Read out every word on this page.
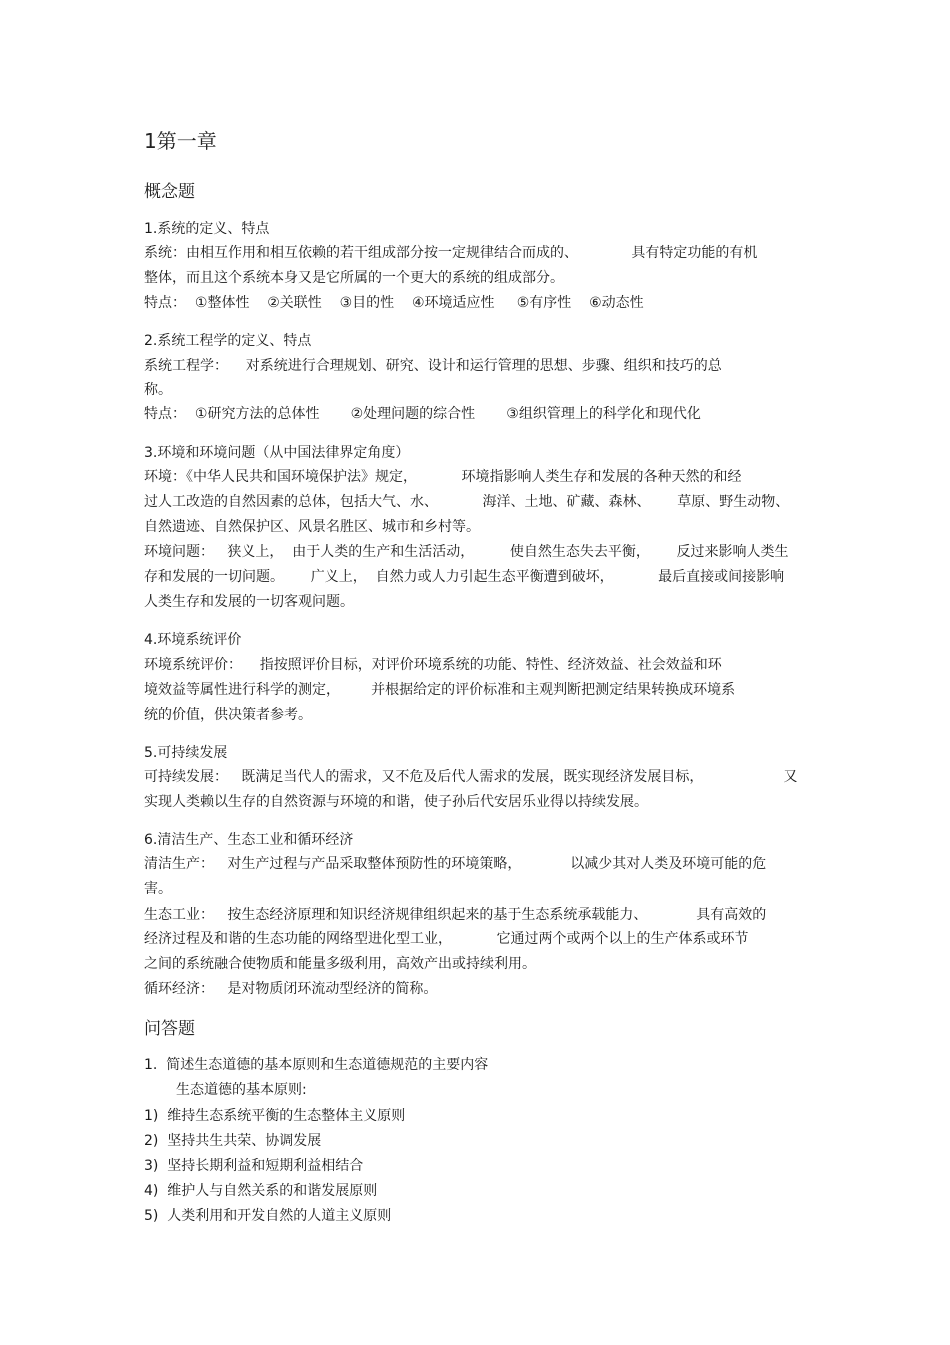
1第一章
概念题
1.系统的定义、特点
系统：由相互作用和相互依赖的若干组成部分按一定规律结合而成的、            具有特定功能的有机
整体，而且这个系统本身又是它所属的一个更大的系统的组成部分。
特点：  ①整体性    ②关联性    ③目的性    ④环境适应性     ⑤有序性    ⑥动态性
2.系统工程学的定义、特点
系统工程学：    对系统进行合理规划、研究、设计和运行管理的思想、步骤、组织和技巧的总
称。
特点：  ①研究方法的总体性       ②处理问题的综合性       ③组织管理上的科学化和现代化
3.环境和环境问题（从中国法律界定角度）
环境：《中华人民共和国环境保护法》规定，          环境指影响人类生存和发展的各种天然的和经
过人工改造的自然因素的总体，包括大气、水、          海洋、土地、矿藏、森林、      草原、野生动物、
自然遗迹、自然保护区、风景名胜区、城市和乡村等。
环境问题：   狭义上，  由于人类的生产和生活活动，        使自然生态失去平衡，      反过来影响人类生
存和发展的一切问题。      广义上，  自然力或人力引起生态平衡遭到破坏，          最后直接或间接影响
人类生存和发展的一切客观问题。
4.环境系统评价
环境系统评价：    指按照评价目标，对评价环境系统的功能、特性、经济效益、社会效益和环
境效益等属性进行科学的测定，       并根据给定的评价标准和主观判断把测定结果转换成环境系
统的价值，供决策者参考。
5.可持续发展
可持续发展：   既满足当代人的需求，又不危及后代人需求的发展，既实现经济发展目标，                  又
实现人类赖以生存的自然资源与环境的和谐，使子孙后代安居乐业得以持续发展。
6.清洁生产、生态工业和循环经济
清洁生产：   对生产过程与产品采取整体预防性的环境策略，           以减少其对人类及环境可能的危
害。
生态工业：   按生态经济原理和知识经济规律组织起来的基于生态系统承载能力、           具有高效的
经济过程及和谐的生态功能的网络型进化型工业，          它通过两个或两个以上的生产体系或环节
之间的系统融合使物质和能量多级利用，高效产出或持续利用。
循环经济：   是对物质闭环流动型经济的简称。
问答题
1.  简述生态道德的基本原则和生态道德规范的主要内容
生态道德的基本原则:
1)  维持生态系统平衡的生态整体主义原则
2)  坚持共生共荣、协调发展
3)  坚持长期利益和短期利益相结合
4)  维护人与自然关系的和谐发展原则
5)  人类利用和开发自然的人道主义原则
